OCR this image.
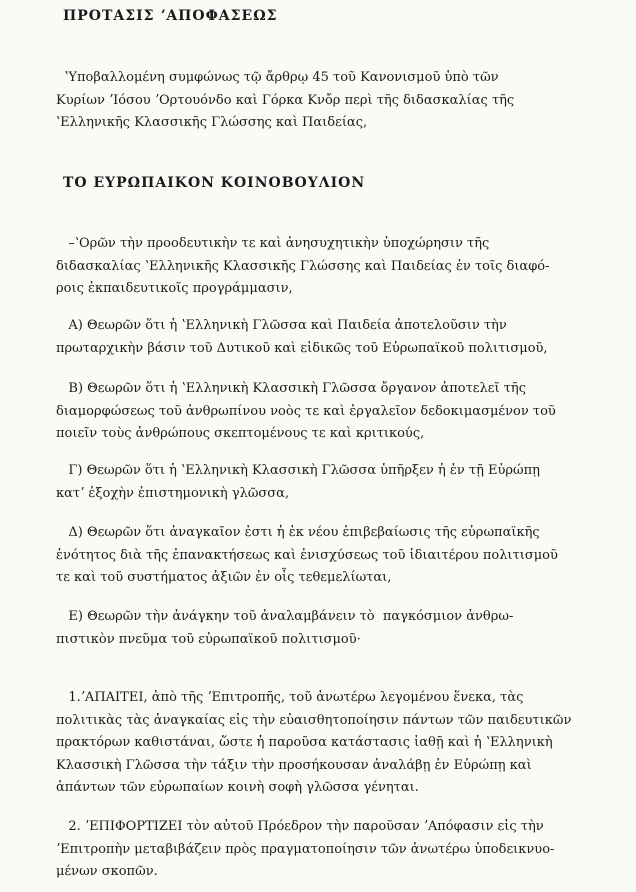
ΠΡΟΤΑΣΙΣ ʼΑΠΟΦΑΣΕΩΣ
ʽΥποβαλλομένη συμφώνως τῷ ἄρθρῳ 45 τοῦ Κανονισμοῦ ὑπὸ τῶν
Κυρίων ʼΙόσου ʼΟρτουόνδο καὶ Γόρκα Κνὄρ περὶ τῆς διδασκαλίας τῆς
ʽΕλληνικῆς Κλασσικῆς Γλώσσης καὶ Παιδείας,
ΤΟ ΕΥΡΩΠΑΙΚΟΝ ΚΟΙΝΟΒΟΥΛΙΟΝ
–ʽΟρῶν τὴν προοδευτικὴν τε καὶ ἀνησυχητικὴν ὑποχώρησιν τῆς
διδασκαλίας ʽΕλληνικῆς Κλασσικῆς Γλώσσης καὶ Παιδείας ἐν τοῖς διαφό-
ροις ἐκπαιδευτικοῖς προγράμμασιν,
Α) Θεωρῶν ὅτι ἡ ʽΕλληνικὴ Γλῶσσα καὶ Παιδεία ἀποτελοῦσιν τὴν
πρωταρχικὴν βάσιν τοῦ Δυτικοῦ καὶ εἰδικῶς τοῦ Εὐρωπαϊκοῦ πολιτισμοῦ,
Β) Θεωρῶν ὅτι ἡ ʽΕλληνικὴ Κλασσικὴ Γλῶσσα ὄργανον ἀποτελεῖ τῆς
διαμορφώσεως τοῦ ἀνθρωπίνου νοὸς τε καὶ ἐργαλεῖον δεδοκιμασμένον τοῦ
ποιεῖν τοὺς ἀνθρώπους σκεπτομένους τε καὶ κριτικούς,
Γ) Θεωρῶν ὅτι ἡ ʽΕλληνικὴ Κλασσικὴ Γλῶσσα ὑπῆρξεν ἡ ἐν τῇ Εὐρώπῃ
κατʼ ἐξοχὴν ἐπιστημονικὴ γλῶσσα,
Δ) Θεωρῶν ὅτι ἀναγκαῖον ἐστι ἡ ἐκ νέου ἐπιβεβαίωσις τῆς εὐρωπαϊκῆς
ἑνότητος διὰ τῆς ἐπανακτήσεως καὶ ἐνισχύσεως τοῦ ἰδιαιτέρου πολιτισμοῦ
τε καὶ τοῦ συστήματος ἀξιῶν ἐν οἷς τεθεμελίωται,
Ε) Θεωρῶν τὴν ἀνάγκην τοῦ ἀναλαμβάνειν τὸ  παγκόσμιον ἀνθρω-
πιστικὸν πνεῦμα τοῦ εὐρωπαϊκοῦ πολιτισμοῦ·
1.ʼΑΠΑΙΤΕΙ, ἀπὸ τῆς ʼΕπιτροπῆς, τοῦ ἀνωτέρω λεγομένου ἕνεκα, τὰς
πολιτικὰς τὰς ἀναγκαίας εἰς τὴν εὐαισθητοποίησιν πάντων τῶν παιδευτικῶν
πρακτόρων καθιστάναι, ὥστε ἡ παροῦσα κατάστασις ἰαθῇ καὶ ἡ ʽΕλληνικὴ
Κλασσικὴ Γλῶσσα τὴν τάξιν τὴν προσήκουσαν ἀναλάβῃ ἐν Εὐρώπῃ καὶ
ἁπάντων τῶν εὐρωπαίων κοινὴ σοφὴ γλῶσσα γένηται.
2. ʼΕΠΙΦΟΡΤΙΖΕΙ τὸν αὐτοῦ Πρόεδρον τὴν παροῦσαν ʼΑπόφασιν εἰς τὴν
ʼΕπιτροπὴν μεταβιβάζειν πρὸς πραγματοποίησιν τῶν ἀνωτέρω ὑποδεικνυο-
μένων σκοπῶν.
